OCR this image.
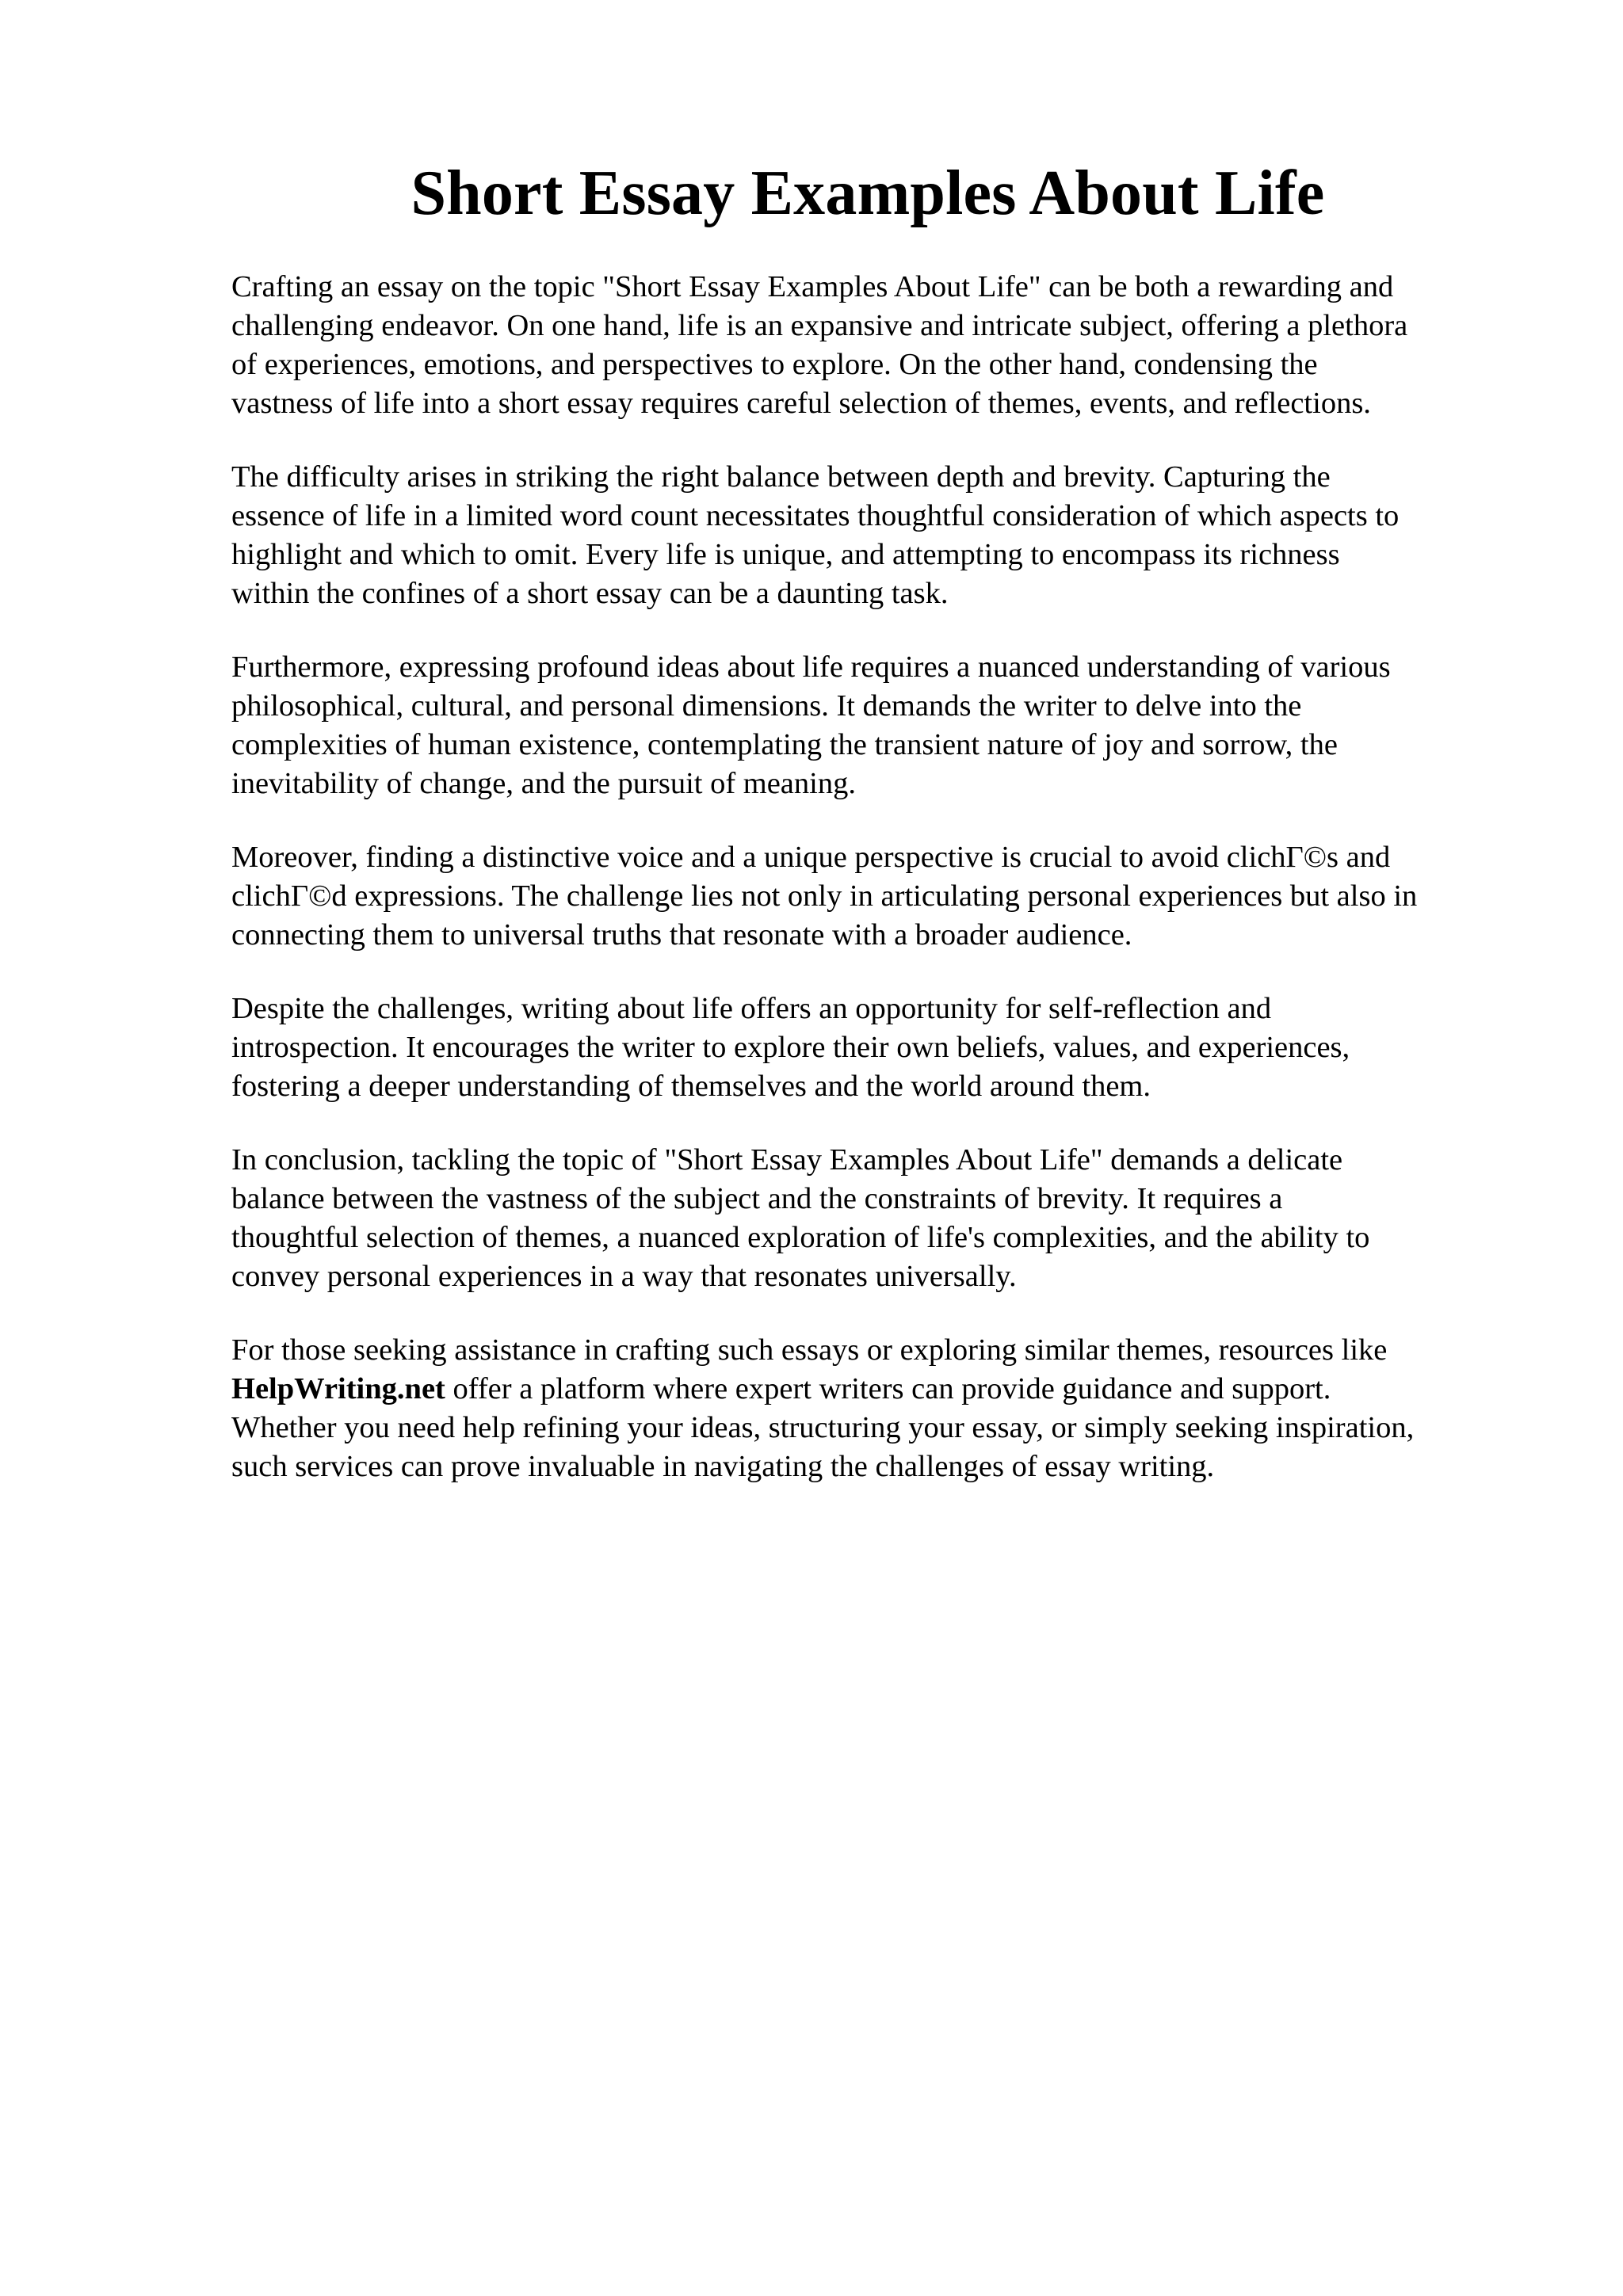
Short Essay Examples About Life

Crafting an essay on the topic "Short Essay Examples About Life" can be both a rewarding and
challenging endeavor. On one hand, life is an expansive and intricate subject, offering a plethora
of experiences, emotions, and perspectives to explore. On the other hand, condensing the
vastness of life into a short essay requires careful selection of themes, events, and reflections.

The difficulty arises in striking the right balance between depth and brevity. Capturing the
essence of life in a limited word count necessitates thoughtful consideration of which aspects to
highlight and which to omit. Every life is unique, and attempting to encompass its richness
within the confines of a short essay can be a daunting task.

Furthermore, expressing profound ideas about life requires a nuanced understanding of various
philosophical, cultural, and personal dimensions. It demands the writer to delve into the
complexities of human existence, contemplating the transient nature of joy and sorrow, the
inevitability of change, and the pursuit of meaning.

Moreover, finding a distinctive voice and a unique perspective is crucial to avoid clichΓ©s and
clichΓ©d expressions. The challenge lies not only in articulating personal experiences but also in
connecting them to universal truths that resonate with a broader audience.

Despite the challenges, writing about life offers an opportunity for self-reflection and
introspection. It encourages the writer to explore their own beliefs, values, and experiences,
fostering a deeper understanding of themselves and the world around them.

In conclusion, tackling the topic of "Short Essay Examples About Life" demands a delicate
balance between the vastness of the subject and the constraints of brevity. It requires a
thoughtful selection of themes, a nuanced exploration of life's complexities, and the ability to
convey personal experiences in a way that resonates universally.

For those seeking assistance in crafting such essays or exploring similar themes, resources like
HelpWriting.net offer a platform where expert writers can provide guidance and support.
Whether you need help refining your ideas, structuring your essay, or simply seeking inspiration,
such services can prove invaluable in navigating the challenges of essay writing.
